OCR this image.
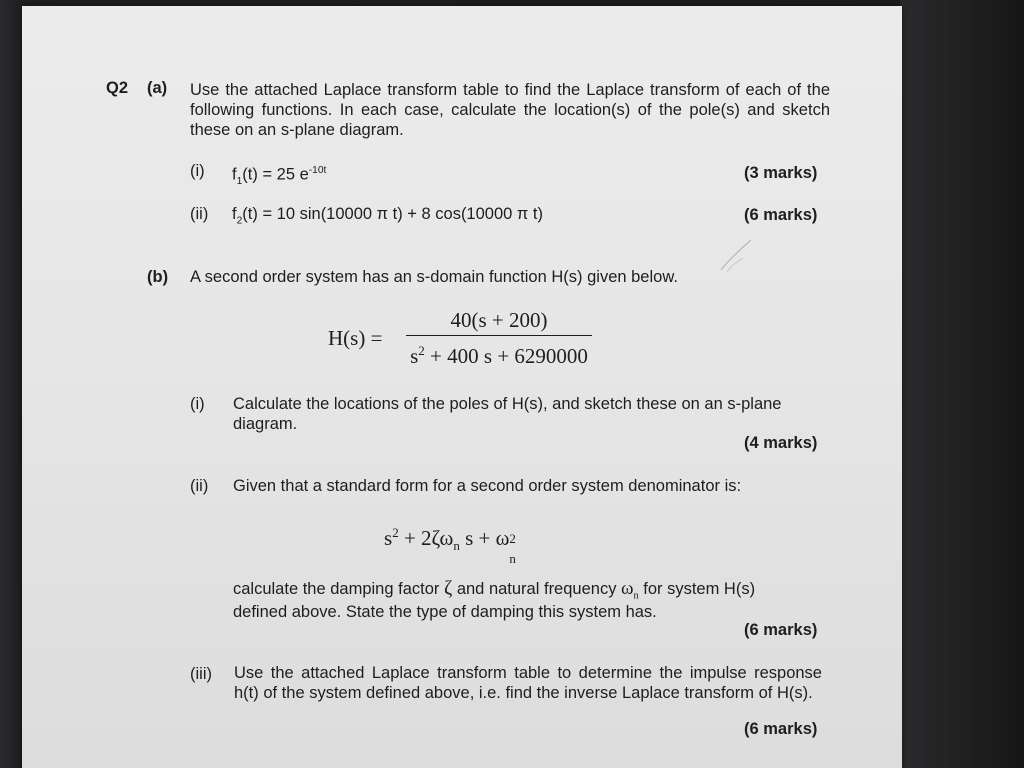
Q2 (a) Use the attached Laplace transform table to find the Laplace transform of each of the following functions. In each case, calculate the location(s) of the pole(s) and sketch these on an s-plane diagram.
(i) $f_1(t) = 25$ $e^{-10t}$	(3 marks)
(ii) $f_2(t) = 10$ sin(10000 π t) + 8 cos(10000 π t)	(6 marks)
(b) A second order system has an s-domain function H(s) given below.
$H(s) = \frac{40(s + 200)}{s^2 + 400 s + 6290000}$
(i) Calculate the locations of the poles of H(s), and sketch these on an s-plane diagram.
(4 marks)
(ii) Given that a standard form for a second order system denominator is:
$s^2 + 2\zeta\omega_n$ s + ω 2
n
calculate the damping factor ζ and natural frequency $\omega_n$ for system H(s)
defined above. State the type of damping this system has.
(6 marks)
(iii) Use the attached Laplace transform table to determine the impulse response h(t) of the system defined above, i.e. find the inverse Laplace transform of H(s).
(6 marks)
